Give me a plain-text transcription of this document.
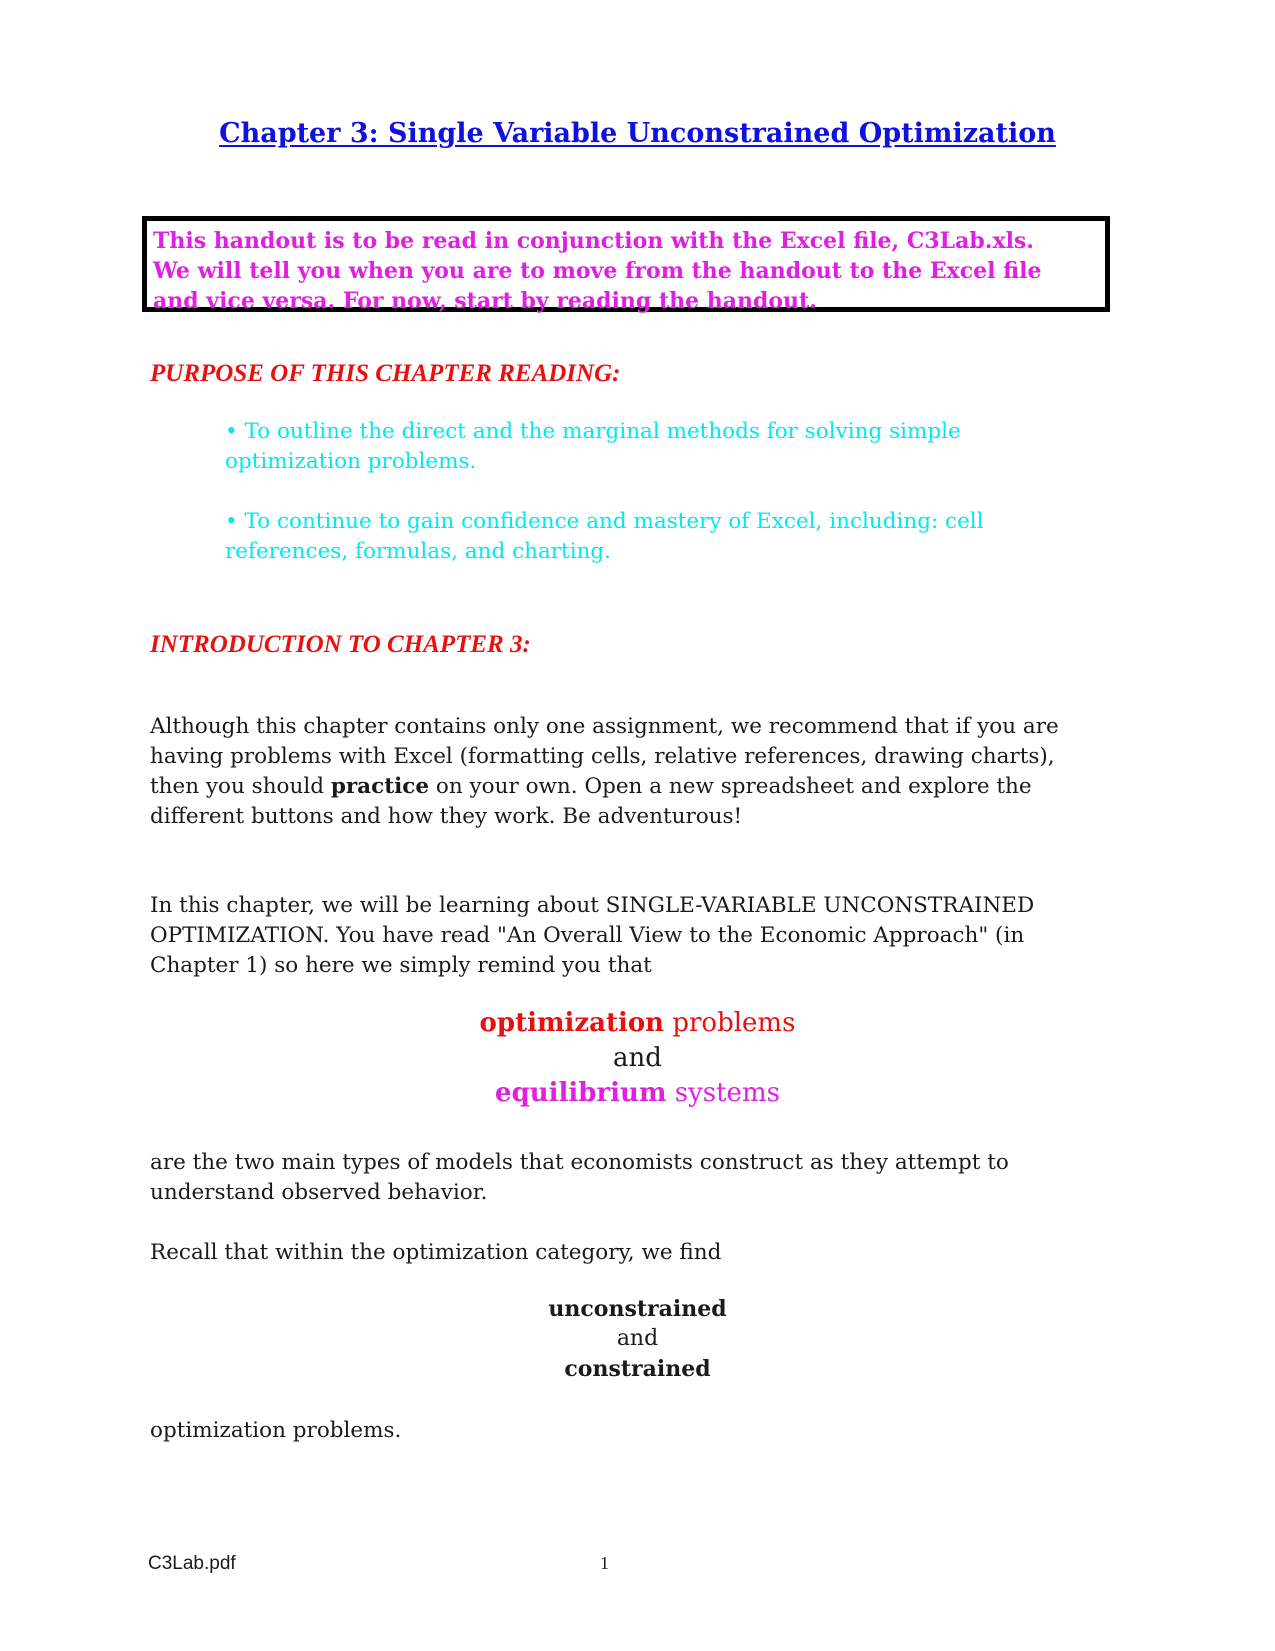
Chapter 3: Single Variable Unconstrained Optimization
This handout is to be read in conjunction with the Excel file, C3Lab.xls.
We will tell you when you are to move from the handout to the Excel file
and vice versa. For now, start by reading the handout.
PURPOSE OF THIS CHAPTER READING:
• To outline the direct and the marginal methods for solving simple
optimization problems.
• To continue to gain confidence and mastery of Excel, including: cell
references, formulas, and charting.
INTRODUCTION TO CHAPTER 3:
Although this chapter contains only one assignment, we recommend that if you are
having problems with Excel (formatting cells, relative references, drawing charts),
then you should practice on your own. Open a new spreadsheet and explore the
different buttons and how they work. Be adventurous!
In this chapter, we will be learning about SINGLE-VARIABLE UNCONSTRAINED
OPTIMIZATION. You have read "An Overall View to the Economic Approach" (in
Chapter 1) so here we simply remind you that
optimization problems
and
equilibrium systems
are the two main types of models that economists construct as they attempt to
understand observed behavior.
Recall that within the optimization category, we find
unconstrained
and
constrained
optimization problems.
C3Lab.pdf	1
